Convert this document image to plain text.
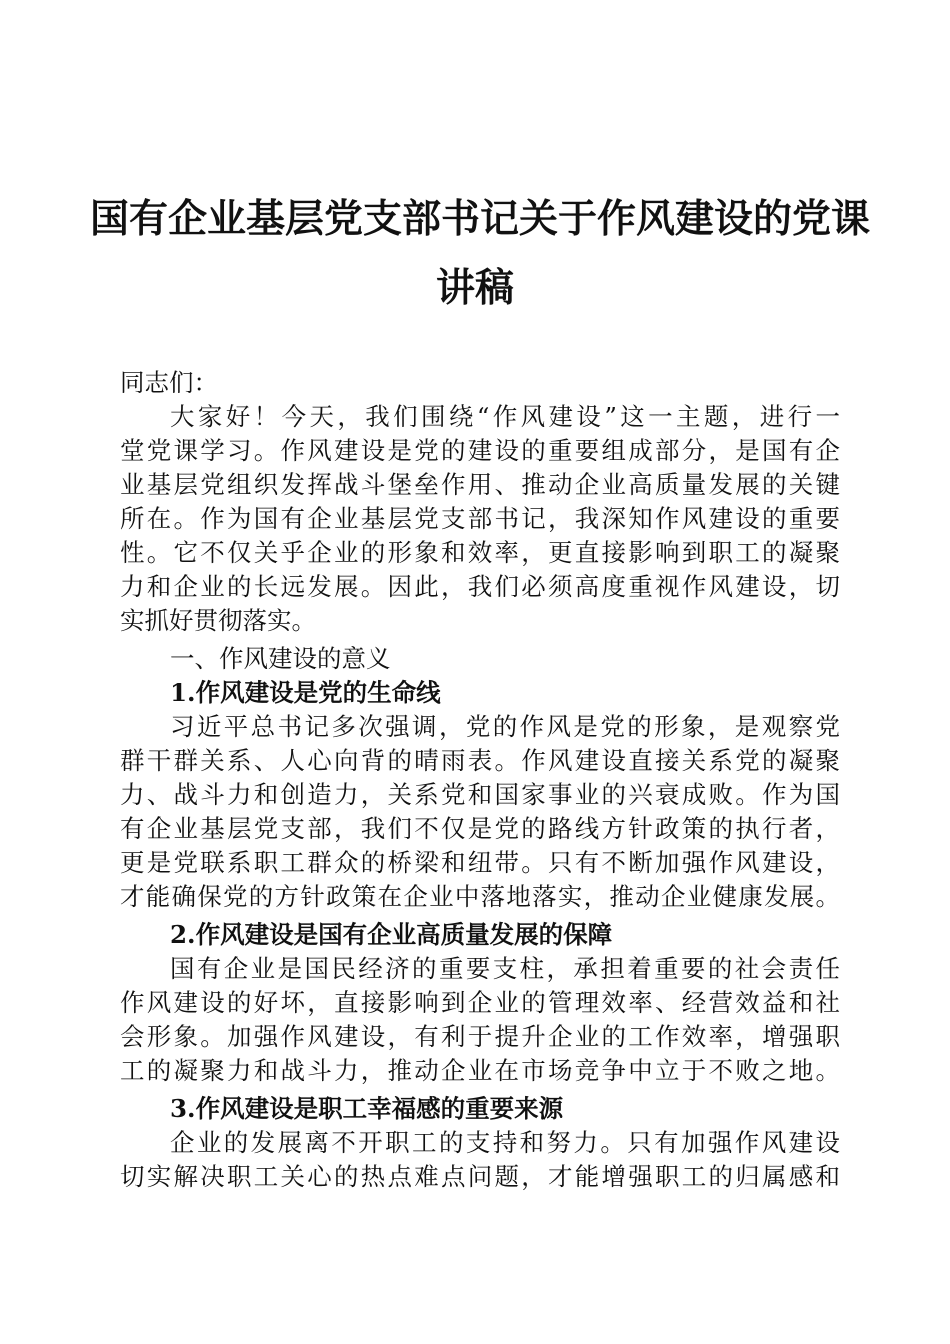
国有企业基层党支部书记关于作风建设的党课
讲稿
同志们：
大家好！今天，我们围绕“作风建设”这一主题，进行一
堂党课学习。作风建设是党的建设的重要组成部分，是国有企
业基层党组织发挥战斗堡垒作用、推动企业高质量发展的关键
所在。作为国有企业基层党支部书记，我深知作风建设的重要
性。它不仅关乎企业的形象和效率，更直接影响到职工的凝聚
力和企业的长远发展。因此，我们必须高度重视作风建设，切
实抓好贯彻落实。
一、作风建设的意义
1.作风建设是党的生命线
习近平总书记多次强调，党的作风是党的形象，是观察党
群干群关系、人心向背的晴雨表。作风建设直接关系党的凝聚
力、战斗力和创造力，关系党和国家事业的兴衰成败。作为国
有企业基层党支部，我们不仅是党的路线方针政策的执行者，
更是党联系职工群众的桥梁和纽带。只有不断加强作风建设，
才能确保党的方针政策在企业中落地落实，推动企业健康发展。
2.作风建设是国有企业高质量发展的保障
国有企业是国民经济的重要支柱，承担着重要的社会责任
作风建设的好坏，直接影响到企业的管理效率、经营效益和社
会形象。加强作风建设，有利于提升企业的工作效率，增强职
工的凝聚力和战斗力，推动企业在市场竞争中立于不败之地。
3.作风建设是职工幸福感的重要来源
企业的发展离不开职工的支持和努力。只有加强作风建设
切实解决职工关心的热点难点问题，才能增强职工的归属感和
